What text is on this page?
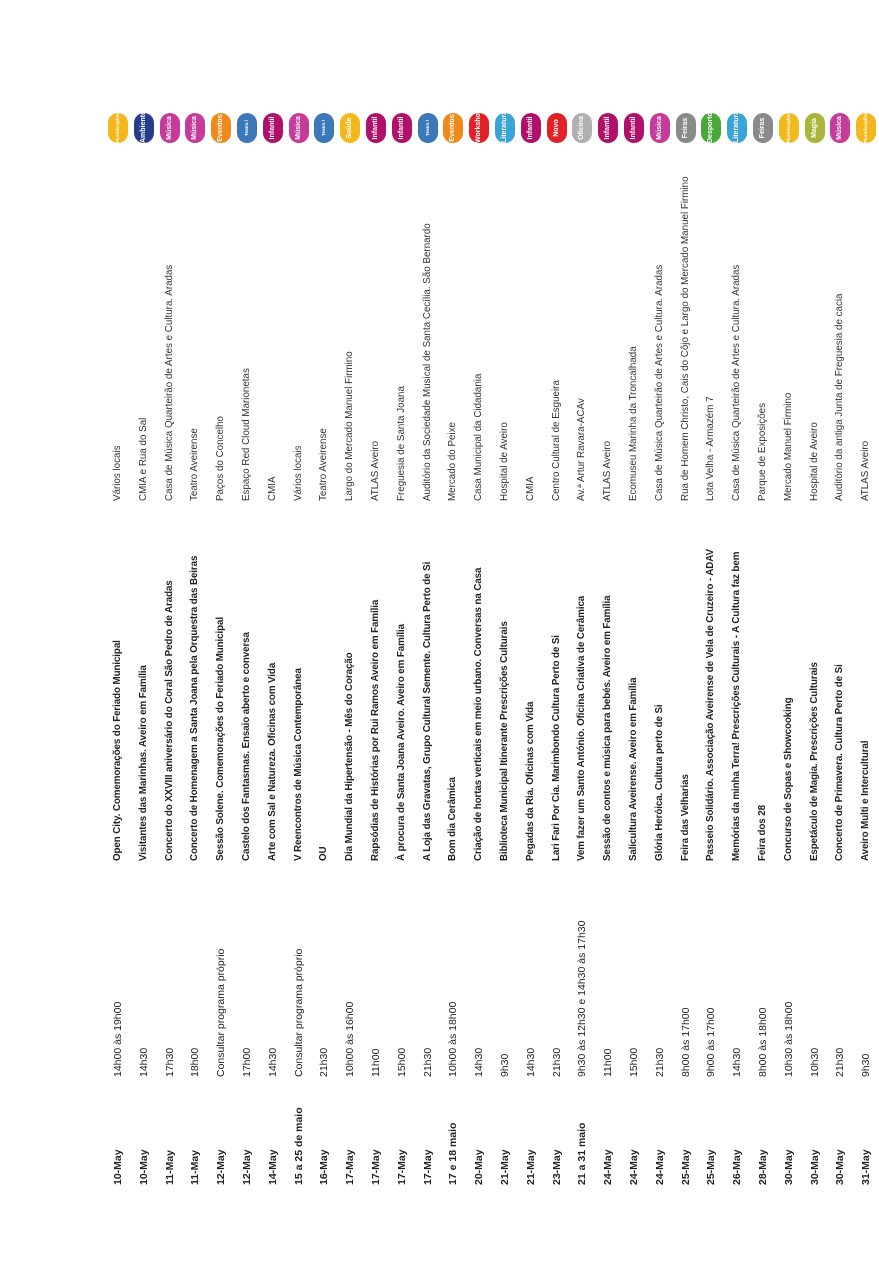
10-May
14h00 às 19h00
Open City. Comemorações do Feriado Municipal
Vários locais
Pluridisciplinar
10-May
14h30
Visitantes das Marinhas. Aveiro em Família
CMIA e Rua do Sal
Ambiente
11-May
17h30
Concerto do XXVIII aniversário do Coral São Pedro de Aradas
Casa de Música Quarteirão de Artes e Cultura. Aradas
Música
11-May
18h00
Concerto de Homenagem a Santa Joana pela Orquestra das Beiras
Teatro Aveirense
Música
12-May
Consultar programa próprio
Sessão Solene. Comemorações do Feriado Municipal
Paços do Concelho
Eventos
12-May
17h00
Castelo dos Fantasmas. Ensaio aberto e conversa
Espaço Red Cloud Marionetas
Teatro /
14-May
14h30
Arte com Sal e Natureza. Oficinas com Vida
CMIA
Infantil
15 a 25 de maio
Consultar programa próprio
V Reencontros de Música Contemporânea
Vários locais
Música
16-May
21h30
OU
Teatro Aveirense
Teatro /
17-May
10h00 às 16h00
Dia Mundial da Hipertensão - Mês do Coração
Largo do Mercado Manuel Firmino
Saúde
17-May
11h00
Rapsódias de Histórias por Rui Ramos Aveiro em Família
ATLAS Aveiro
Infantil
17-May
15h00
À procura de Santa Joana Aveiro. Aveiro em Família
Freguesia de Santa Joana
Infantil
17-May
21h30
A Loja das Gravatas, Grupo Cultural Semente. Cultura Perto de Si
Auditório da Sociedade Musical de Santa Cecília. São Bernardo
Teatro /
17 e 18 maio
10h00 às 18h00
Bom dia Cerâmica
Mercado do Peixe
Eventos
20-May
14h30
Criação de hortas verticais em meio urbano. Conversas na Casa
Casa Municipal da Cidadania
Workshop
21-May
9h30
Biblioteca Municipal Itinerante Prescrições Culturais
Hospital de Aveiro
Literatura
21-May
14h30
Pegadas da Ria. Oficinas com Vida
CMIA
Infantil
23-May
21h30
Lari Fari Por Cia. Marimbondo Cultura Perto de Si
Centro Cultural de Esgueira
Novo
21 a 31 maio
9h30 às 12h30 e 14h30 às 17h30
Vem fazer um Santo António. Oficina Criativa de Cerâmica
Av.ª Artur Ravara-ACAv
Oficina
24-May
11h00
Sessão de contos e música para bebés. Aveiro em Família
ATLAS Aveiro
Infantil
24-May
15h00
Salicultura Aveirense. Aveiro em Família
Ecomuseu Marinha da Troncalhada
Infantil
24-May
21h30
Glória Heróica. Cultura perto de Si
Casa de Música Quarteirão de Artes e Cultura. Aradas
Música
25-May
8h00 às 17h00
Feira das Velharias
Rua de Homem Christo, Cais do Côjo e Largo do Mercado Manuel Firmino
Feiras
25-May
9h00 às 17h00
Passeio Solidário. Associação Aveirense de Vela de Cruzeiro - ADAV
Lota Velha - Armazém 7
Desporto
26-May
14h30
Memórias da minha Terra! Prescrições Culturais - A Cultura faz bem
Casa de Música Quarteirão de Artes e Cultura. Aradas
Literatura
28-May
8h00 às 18h00
Feira dos 28
Parque de Exposições
Feiras
30-May
10h30 às 18h00
Concurso de Sopas e Showcooking
Mercado Manuel Firmino
Pluridisciplinar
30-May
10h30
Espetáculo de Magia. Prescrições Culturais
Hospital de Aveiro
Magia
30-May
21h30
Concerto de Primavera. Cultura Perto de Si
Auditório da antiga Junta de Freguesia de cacia
Música
31-May
9h30
Aveiro Multi e Intercultural
ATLAS Aveiro
Pluridisciplinar
